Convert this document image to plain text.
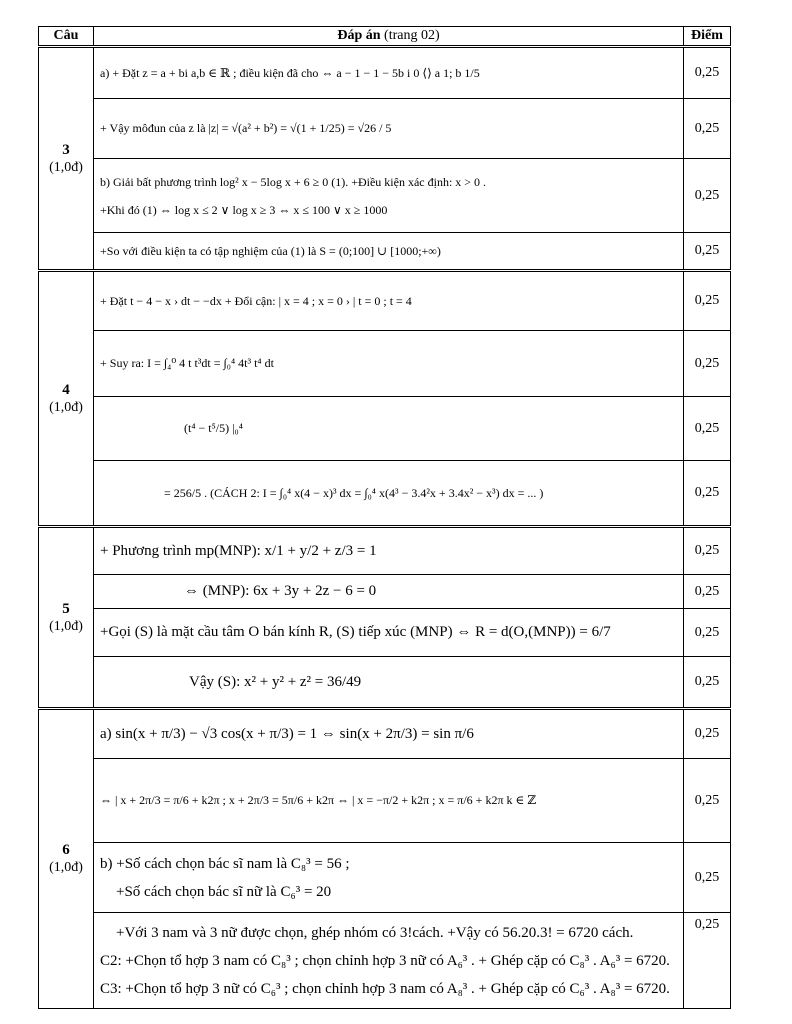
Câu	Đáp án (trang 02)	Điểm

3
(1,0đ)	a) + Đặt z = a + bi a,b ∈ ℝ ; điều kiện đã cho ⇔ a − 1 − 1 − 5b i 0 ⟨⟩ a 1; b 1/5	0,25
	+ Vậy môđun của z là |z| = √(a² + b²) = √(1 + 1/25) = √26 / 5	0,25

	b) Giải bất phương trình log² x − 5log x + 6 ≥ 0 (1). +Điều kiện xác định: x > 0 .
+Khi đó (1) ⇔ log x ≤ 2 ∨ log x ≥ 3 ⇔ x ≤ 100 ∨ x ≥ 1000	0,25
	+So với điều kiện ta có tập nghiệm của (1) là S = (0;100] ∪ [1000;+∞)	0,25

4
(1,0đ)	+ Đặt t − 4 − x › dt − −dx + Đổi cận: | x = 4 ; x = 0 › | t = 0 ; t = 4	0,25
	+ Suy ra: I = ∫₄⁰ 4 t t³dt = ∫₀⁴ 4t³ t⁴ dt	0,25
	(t⁴ − t⁵/5) |₀⁴	0,25
	= 256/5 . (CÁCH 2: I = ∫₀⁴ x(4 − x)³ dx = ∫₀⁴ x(4³ − 3.4²x + 3.4x² − x³) dx = ... )	0,25

5
(1,0đ)	+ Phương trình mp(MNP): x/1 + y/2 + z/3 = 1	0,25
	⇔ (MNP): 6x + 3y + 2z − 6 = 0	0,25
	+Gọi (S) là mặt cầu tâm O bán kính R, (S) tiếp xúc (MNP) ⇔ R = d(O,(MNP)) = 6/7	0,25
	Vậy (S): x² + y² + z² = 36/49	0,25

6
(1,0đ)	a) sin(x + π/3) − √3 cos(x + π/3) = 1 ⇔ sin(x + 2π/3) = sin π/6	0,25
	⇔ | x + 2π/3 = π/6 + k2π ; x + 2π/3 = 5π/6 + k2π ⇔ | x = −π/2 + k2π ; x = π/6 + k2π k ∈ ℤ	0,25

	b) +Số cách chọn bác sĩ nam là C₈³ = 56 ;
+Số cách chọn bác sĩ nữ là C₆³ = 20	0,25

	+Với 3 nam và 3 nữ được chọn, ghép nhóm có 3!cách. +Vậy có 56.20.3! = 6720 cách.
C2: +Chọn tổ hợp 3 nam có C₈³ ; chọn chỉnh hợp 3 nữ có A₆³ . + Ghép cặp có C₈³ . A₆³ = 6720.
C3: +Chọn tổ hợp 3 nữ có C₆³ ; chọn chỉnh hợp 3 nam có A₈³ . + Ghép cặp có C₆³ . A₈³ = 6720.	0,25
